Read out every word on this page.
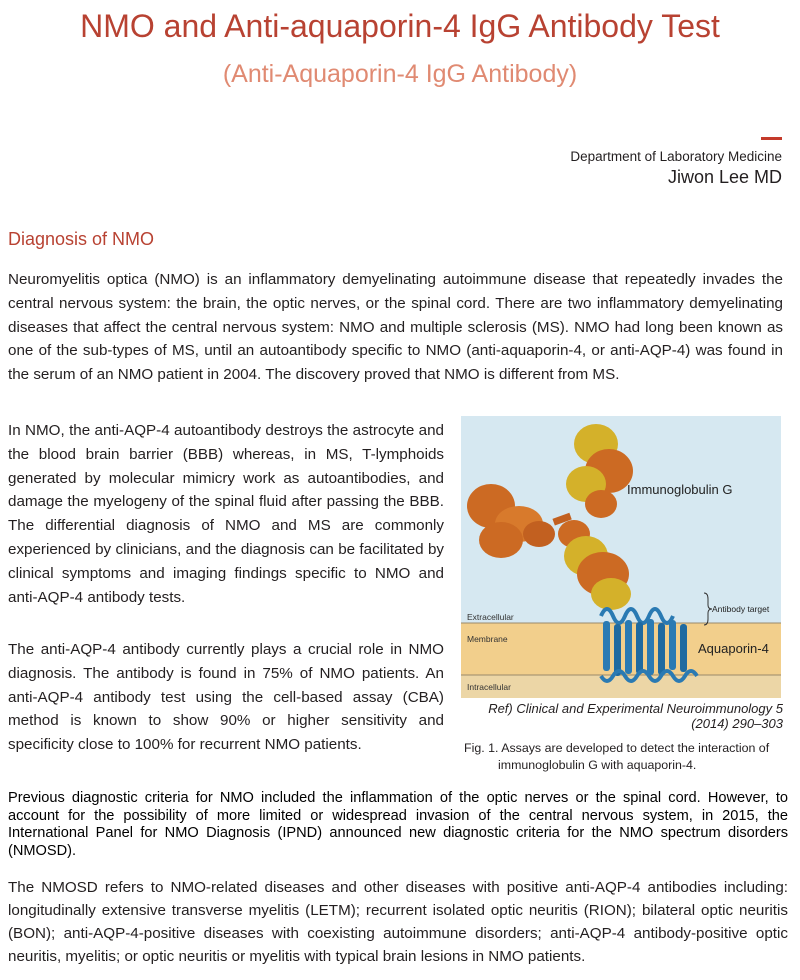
NMO and Anti-aquaporin-4 IgG Antibody Test
(Anti-Aquaporin-4 IgG Antibody)
Department of Laboratory Medicine
Jiwon Lee MD
Diagnosis of NMO

Neuromyelitis optica (NMO) is an inflammatory demyelinating autoimmune disease that repeatedly invades the central nervous system: the brain, the optic nerves, or the spinal cord. There are two inflammatory demyelinating diseases that affect the central nervous system: NMO and multiple sclerosis (MS). NMO had long been known as one of the sub-types of MS, until an autoantibody specific to NMO (anti-aquaporin-4, or anti-AQP-4) was found in the serum of an NMO patient in 2004. The discovery proved that NMO is different from MS.

In NMO, the anti-AQP-4 autoantibody destroys the astrocyte and the blood brain barrier (BBB) whereas, in MS, T-lymphoids generated by molecular mimicry work as autoantibodies, and damage the myelogeny of the spinal fluid after passing the BBB. The differential diagnosis of NMO and MS are commonly experienced by clinicians, and the diagnosis can be facilitated by clinical symptoms and imaging findings specific to NMO and anti-AQP-4 antibody tests.

The anti-AQP-4 antibody currently plays a crucial role in NMO diagnosis. The antibody is found in 75% of NMO patients. An anti-AQP-4 antibody test using the cell-based assay (CBA) method is known to show 90% or higher sensitivity and specificity close to 100% for recurrent NMO patients.

Immunoglobulin G
Antibody target
Extracellular
Membrane
Aquaporin-4
Intracellular
Ref) Clinical and Experimental Neuroimmunology 5
(2014) 290–303
Fig. 1. Assays are developed to detect the interaction of
immunoglobulin G with aquaporin-4.

Previous diagnostic criteria for NMO included the inflammation of the optic nerves or the spinal cord. However, to account for the possibility of more limited or widespread invasion of the central nervous system, in 2015, the International Panel for NMO Diagnosis (IPND) announced new diagnostic criteria for the NMO spectrum disorders (NMOSD).

The NMOSD refers to NMO-related diseases and other diseases with positive anti-AQP-4 antibodies including: longitudinally extensive transverse myelitis (LETM); recurrent isolated optic neuritis (RION); bilateral optic neuritis (BON); anti-AQP-4-positive diseases with coexisting autoimmune disorders; anti-AQP-4 antibody-positive optic neuritis, myelitis; or optic neuritis or myelitis with typical brain lesions in NMO patients.
